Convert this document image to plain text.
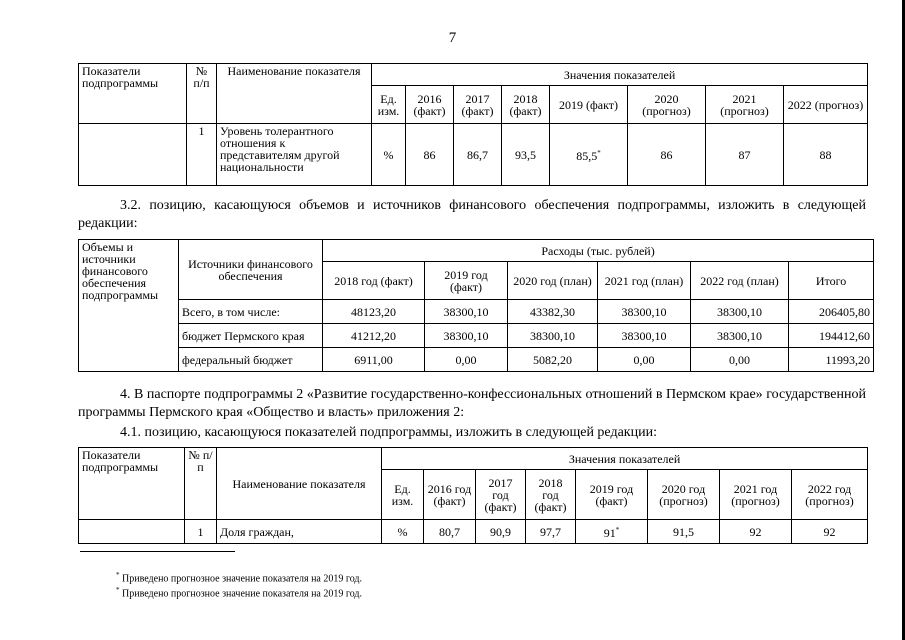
7
Показатели подпрограммы	№ п/п	Наименование показателя	Значения показателей							
			Ед. изм.	2016 (факт)	2017 (факт)	2018 (факт)	2019 (факт)	2020 (прогноз)	2021 (прогноз)	2022 (прогноз)
	1	Уровень толерантного отношения к представителям другой национальности	%	86	86,7	93,5	85,5*	86	87	88
3.2. позицию, касающуюся объемов и источников финансового обеспечения подпрограммы, изложить в следующей редакции:
Объемы и источники финансового обеспечения подпрограммы	Источники финансового обеспечения	Расходы (тыс. рублей)					
		2018 год (факт)	2019 год (факт)	2020 год (план)	2021 год (план)	2022 год (план)	Итого
	Всего, в том числе:	48123,20	38300,10	43382,30	38300,10	38300,10	206405,80
	бюджет Пермского края	41212,20	38300,10	38300,10	38300,10	38300,10	194412,60
	федеральный бюджет	6911,00	0,00	5082,20	0,00	0,00	11993,20
4. В паспорте подпрограммы 2 «Развитие государственно-конфессиональных отношений в Пермском крае» государственной программы Пермского края «Общество и власть» приложения 2:
4.1. позицию, касающуюся показателей подпрограммы, изложить в следующей редакции:
Показатели подпрограммы	№ п/п	Наименование показателя	Значения показателей							
			Ед. изм.	2016 год (факт)	2017 год (факт)	2018 год (факт)	2019 год (факт)	2020 год (прогноз)	2021 год (прогноз)	2022 год (прогноз)
	1	Доля граждан,	%	80,7	90,9	97,7	91*	91,5	92	92
* Приведено прогнозное значение показателя на 2019 год.
* Приведено прогнозное значение показателя на 2019 год.
